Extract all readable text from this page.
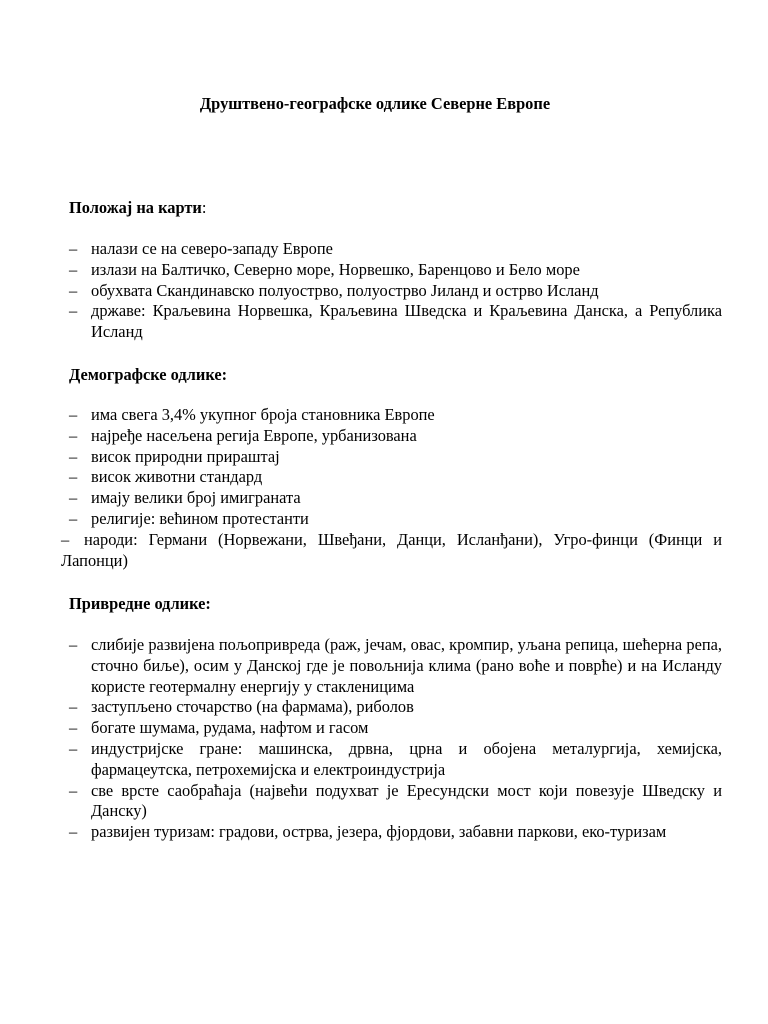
Друштвено-географске одлике Северне Европе

Положај на карти:

– налази се на северо-западу Европе
– излази на Балтичко, Северно море, Норвешко, Баренцово и Бело море
– обухвата Скандинавско полуострво, полуострво Јиланд и острво Исланд
– државе: Краљевина Норвешка, Краљевина Шведска и Краљевина Данска, а Република Исланд

Демографске одлике:

– има свега 3,4% укупног броја становника Европе
– најређе насељена регија Европе, урбанизована
– висок природни прираштај
– висок животни стандард
– имају велики број имиграната
– религије: већином протестанти
– народи: Германи (Норвежани, Швеђани, Данци, Исланђани), Угро-финци (Финци и Лапонци)

Привредне одлике:

– слибије развијена пољопривреда (раж, јечам, овас, кромпир, уљана репица, шећерна репа, сточно биље), осим у Данској где је повољнија клима (рано воће и поврће) и на Исланду користе геотермалну енергију у стакленицима
– заступљено сточарство (на фармама), риболов
– богате шумама, рудама, нафтом и гасом
– индустријске гране: машинска, дрвна, црна и обојена металургија, хемијска, фармацеутска, петрохемијска и електроиндустрија
– све врсте саобраћаја (највећи подухват је Ересундски мост који повезује Шведску и Данску)
– развијен туризам: градови, острва, језера, фјордови, забавни паркови, еко-туризам
